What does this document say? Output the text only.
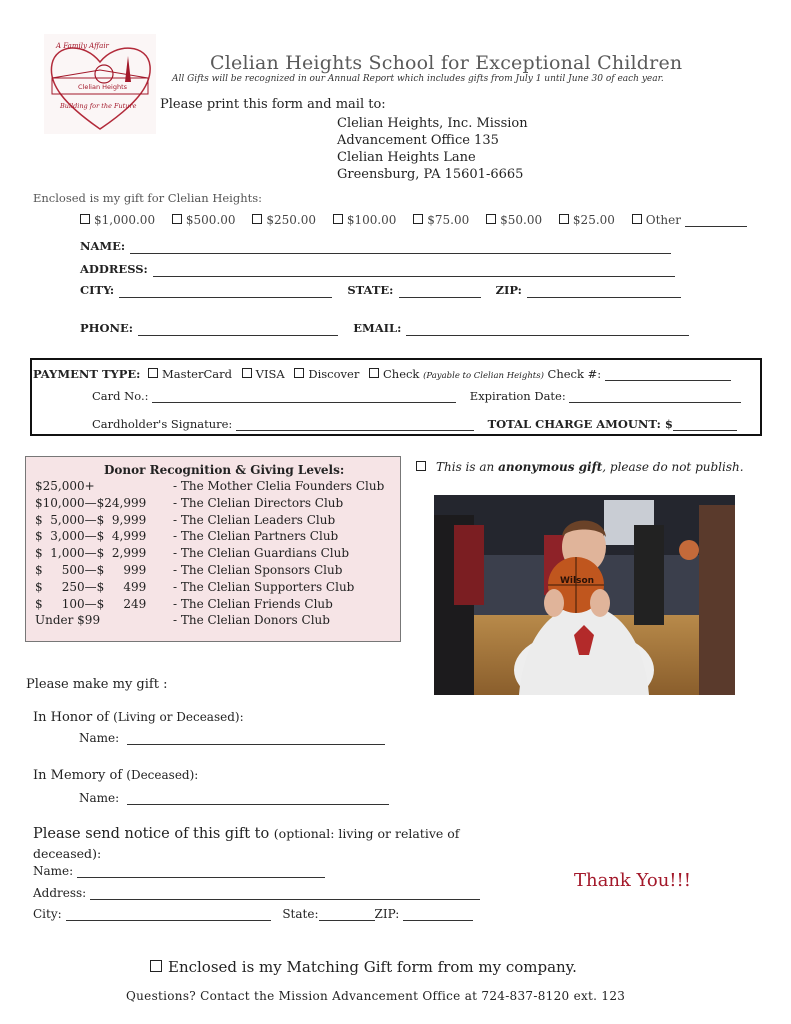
A Family Affair
Clelian Heights
Building for the Future
Clelian Heights School for Exceptional Children
All Gifts will be recognized in our Annual Report which includes gifts from July 1 until June 30 of each year.
Please print this form and mail to:
Clelian Heights, Inc. Mission
Advancement Office 135
Clelian Heights Lane
Greensburg, PA 15601-6665
Enclosed is my gift for Clelian Heights:
$1,000.00	$500.00	$250.00	$100.00	$75.00	$50.00	$25.00	Other
NAME:
ADDRESS:
CITY:	STATE:	ZIP:
PHONE:	EMAIL:
PAYMENT TYPE: MasterCard VISA Discover Check (Payable to Clelian Heights) Check #:
Card No.:	Expiration Date:
Cardholder's Signature:	TOTAL CHARGE AMOUNT: $
Donor Recognition & Giving Levels:
$25,000+	- The Mother Clelia Founders Club
$10,000—$24,999	- The Clelian Directors Club
$  5,000—$  9,999	- The Clelian Leaders Club
$  3,000—$  4,999	- The Clelian Partners Club
$  1,000—$  2,999	- The Clelian Guardians Club
$     500—$     999	- The Clelian Sponsors Club
$     250—$     499	- The Clelian Supporters Club
$     100—$     249	- The Clelian Friends Club
Under $99	- The Clelian Donors Club
This is an anonymous gift, please do not publish.
Wilson
Please make my gift :
In Honor of (Living or Deceased):
Name:
In Memory of (Deceased):
Name:
Please send notice of this gift to (optional: living or relative of deceased):
Name:
Address:
City:	State:	ZIP:
Thank You!!!
Enclosed is my Matching Gift form from my company.
Questions? Contact the Mission Advancement Office at 724-837-8120 ext. 123
